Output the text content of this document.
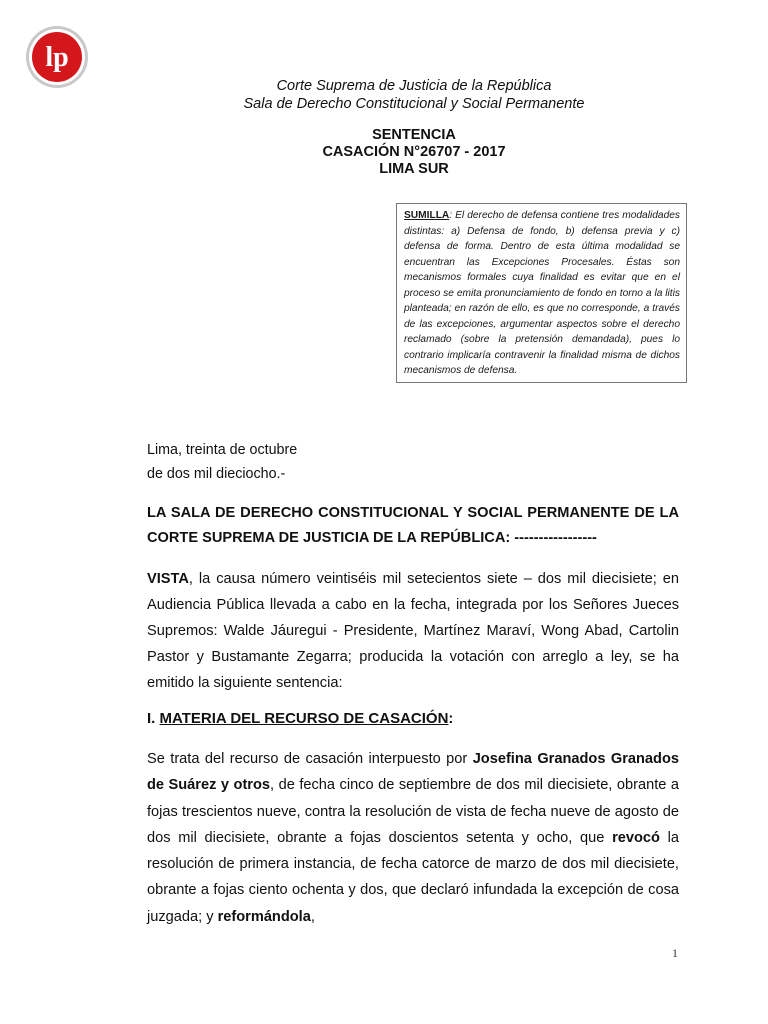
lp
Corte Suprema de Justicia de la República
Sala de Derecho Constitucional y Social Permanente
SENTENCIA
CASACIÓN N°26707 - 2017
LIMA SUR
SUMILLA: El derecho de defensa contiene tres modalidades distintas: a) Defensa de fondo, b) defensa previa y c) defensa de forma. Dentro de esta última modalidad se encuentran las Excepciones Procesales. Éstas son mecanismos formales cuya finalidad es evitar que en el proceso se emita pronunciamiento de fondo en torno a la litis planteada; en razón de ello, es que no corresponde, a través de las excepciones, argumentar aspectos sobre el derecho reclamado (sobre la pretensión demandada), pues lo contrario implicaría contravenir la finalidad misma de dichos mecanismos de defensa.
Lima, treinta de octubre
de dos mil dieciocho.-
LA SALA DE DERECHO CONSTITUCIONAL Y SOCIAL PERMANENTE DE LA CORTE SUPREMA DE JUSTICIA DE LA REPÚBLICA: -----------------
VISTA, la causa número veintiséis mil setecientos siete – dos mil diecisiete; en Audiencia Pública llevada a cabo en la fecha, integrada por los Señores Jueces Supremos: Walde Jáuregui - Presidente, Martínez Maraví, Wong Abad, Cartolin Pastor y Bustamante Zegarra; producida la votación con arreglo a ley, se ha emitido la siguiente sentencia:
I. MATERIA DEL RECURSO DE CASACIÓN:
Se trata del recurso de casación interpuesto por Josefina Granados Granados de Suárez y otros, de fecha cinco de septiembre de dos mil diecisiete, obrante a fojas trescientos nueve, contra la resolución de vista de fecha nueve de agosto de dos mil diecisiete, obrante a fojas doscientos setenta y ocho, que revocó la resolución de primera instancia, de fecha catorce de marzo de dos mil diecisiete, obrante a fojas ciento ochenta y dos, que declaró infundada la excepción de cosa juzgada; y reformándola,
1
